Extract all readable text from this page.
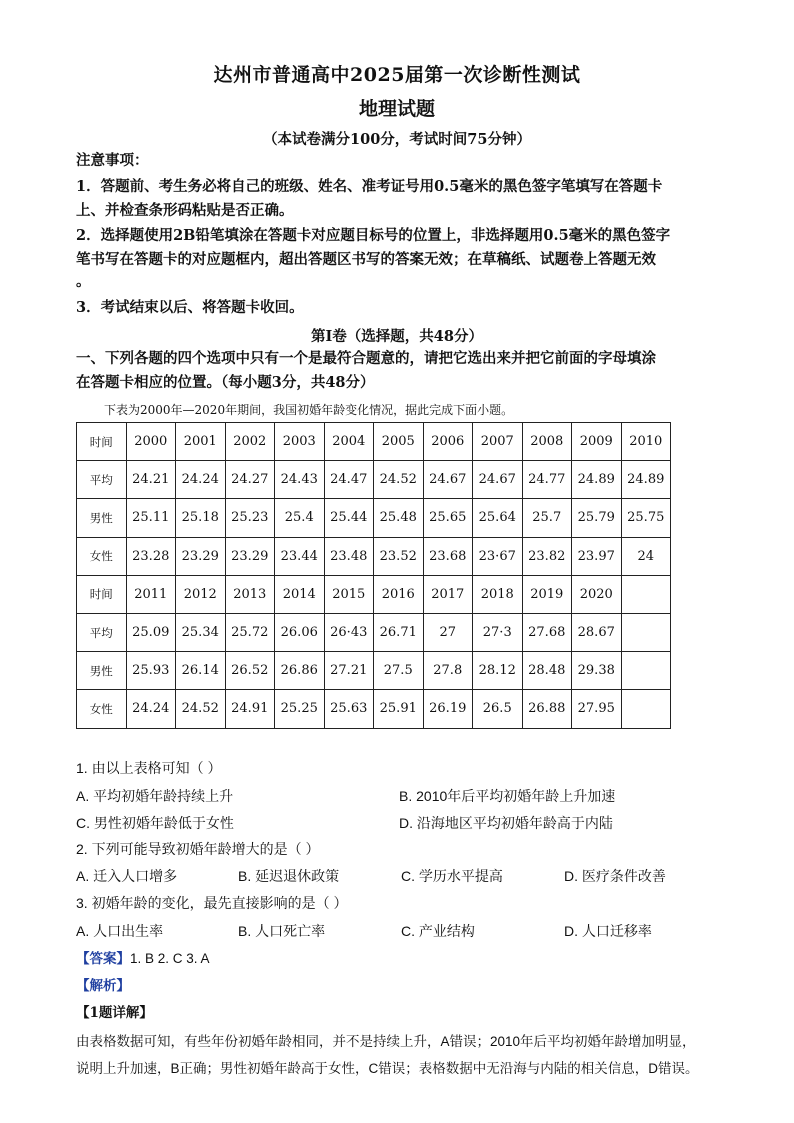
达州市普通高中2025届第一次诊断性测试
地理试题
（本试卷满分100分，考试时间75分钟）
注意事项：
1．答题前、考生务必将自己的班级、姓名、准考证号用0.5毫米的黑色签字笔填写在答题卡
上、并检查条形码粘贴是否正确。
2．选择题使用2B铅笔填涂在答题卡对应题目标号的位置上，非选择题用0.5毫米的黑色签字
笔书写在答题卡的对应题框内，超出答题区书写的答案无效；在草稿纸、试题卷上答题无效
。
3．考试结束以后、将答题卡收回。
第Ⅰ卷（选择题，共48分）
一、下列各题的四个选项中只有一个是最符合题意的，请把它选出来并把它前面的字母填涂
在答题卡相应的位置。（每小题3分，共48分）
下表为2000年—2020年期间，我国初婚年龄变化情况，据此完成下面小题。
时间	2000	2001	2002	2003	2004	2005	2006	2007	2008	2009	2010
平均	24.21	24.24	24.27	24.43	24.47	24.52	24.67	24.67	24.77	24.89	24.89
男性	25.11	25.18	25.23	25.4	25.44	25.48	25.65	25.64	25.7	25.79	25.75
女性	23.28	23.29	23.29	23.44	23.48	23.52	23.68	23·67	23.82	23.97	24
时间	2011	2012	2013	2014	2015	2016	2017	2018	2019	2020	
平均	25.09	25.34	25.72	26.06	26·43	26.71	27	27·3	27.68	28.67	
男性	25.93	26.14	26.52	26.86	27.21	27.5	27.8	28.12	28.48	29.38	
女性	24.24	24.52	24.91	25.25	25.63	25.91	26.19	26.5	26.88	27.95	
1. 由以上表格可知（ ）
A. 平均初婚年龄持续上升	B. 2010年后平均初婚年龄上升加速
C. 男性初婚年龄低于女性	D. 沿海地区平均初婚年龄高于内陆
2. 下列可能导致初婚年龄增大的是（ ）
A. 迁入人口增多	B. 延迟退休政策	C. 学历水平提高	D. 医疗条件改善
3. 初婚年龄的变化，最先直接影响的是（ ）
A. 人口出生率	B. 人口死亡率	C. 产业结构	D. 人口迁移率
【答案】1. B 2. C 3. A
【解析】
【1题详解】
由表格数据可知，有些年份初婚年龄相同，并不是持续上升，A错误；2010年后平均初婚年龄增加明显，
说明上升加速，B正确；男性初婚年龄高于女性，C错误；表格数据中无沿海与内陆的相关信息，D错误。
